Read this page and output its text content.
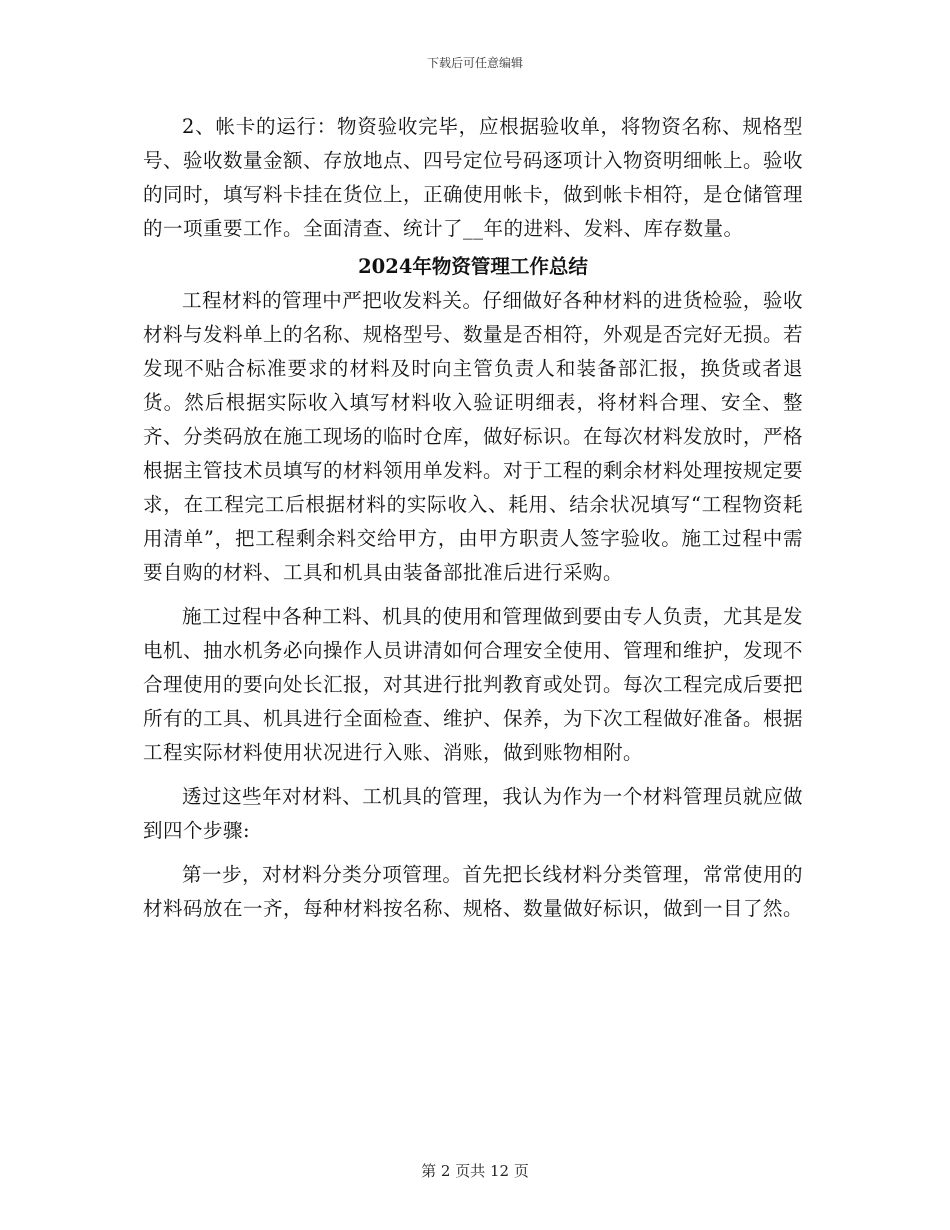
下载后可任意编辑

2、帐卡的运行：物资验收完毕，应根据验收单，将物资名称、规格型号、验收数量金额、存放地点、四号定位号码逐项计入物资明细帐上。验收的同时，填写料卡挂在货位上，正确使用帐卡，做到帐卡相符，是仓储管理的一项重要工作。全面清查、统计了__年的进料、发料、库存数量。

2024年物资管理工作总结

工程材料的管理中严把收发料关。仔细做好各种材料的进货检验，验收材料与发料单上的名称、规格型号、数量是否相符，外观是否完好无损。若发现不贴合标准要求的材料及时向主管负责人和装备部汇报，换货或者退货。然后根据实际收入填写材料收入验证明细表，将材料合理、安全、整齐、分类码放在施工现场的临时仓库，做好标识。在每次材料发放时，严格根据主管技术员填写的材料领用单发料。对于工程的剩余材料处理按规定要求，在工程完工后根据材料的实际收入、耗用、结余状况填写“工程物资耗用清单”，把工程剩余料交给甲方，由甲方职责人签字验收。施工过程中需要自购的材料、工具和机具由装备部批准后进行采购。

施工过程中各种工料、机具的使用和管理做到要由专人负责，尤其是发电机、抽水机务必向操作人员讲清如何合理安全使用、管理和维护，发现不合理使用的要向处长汇报，对其进行批判教育或处罚。每次工程完成后要把所有的工具、机具进行全面检查、维护、保养，为下次工程做好准备。根据工程实际材料使用状况进行入账、消账，做到账物相附。

透过这些年对材料、工机具的管理，我认为作为一个材料管理员就应做到四个步骤:

第一步，对材料分类分项管理。首先把长线材料分类管理，常常使用的材料码放在一齐，每种材料按名称、规格、数量做好标识，做到一目了然。

第 2 页共 12 页
